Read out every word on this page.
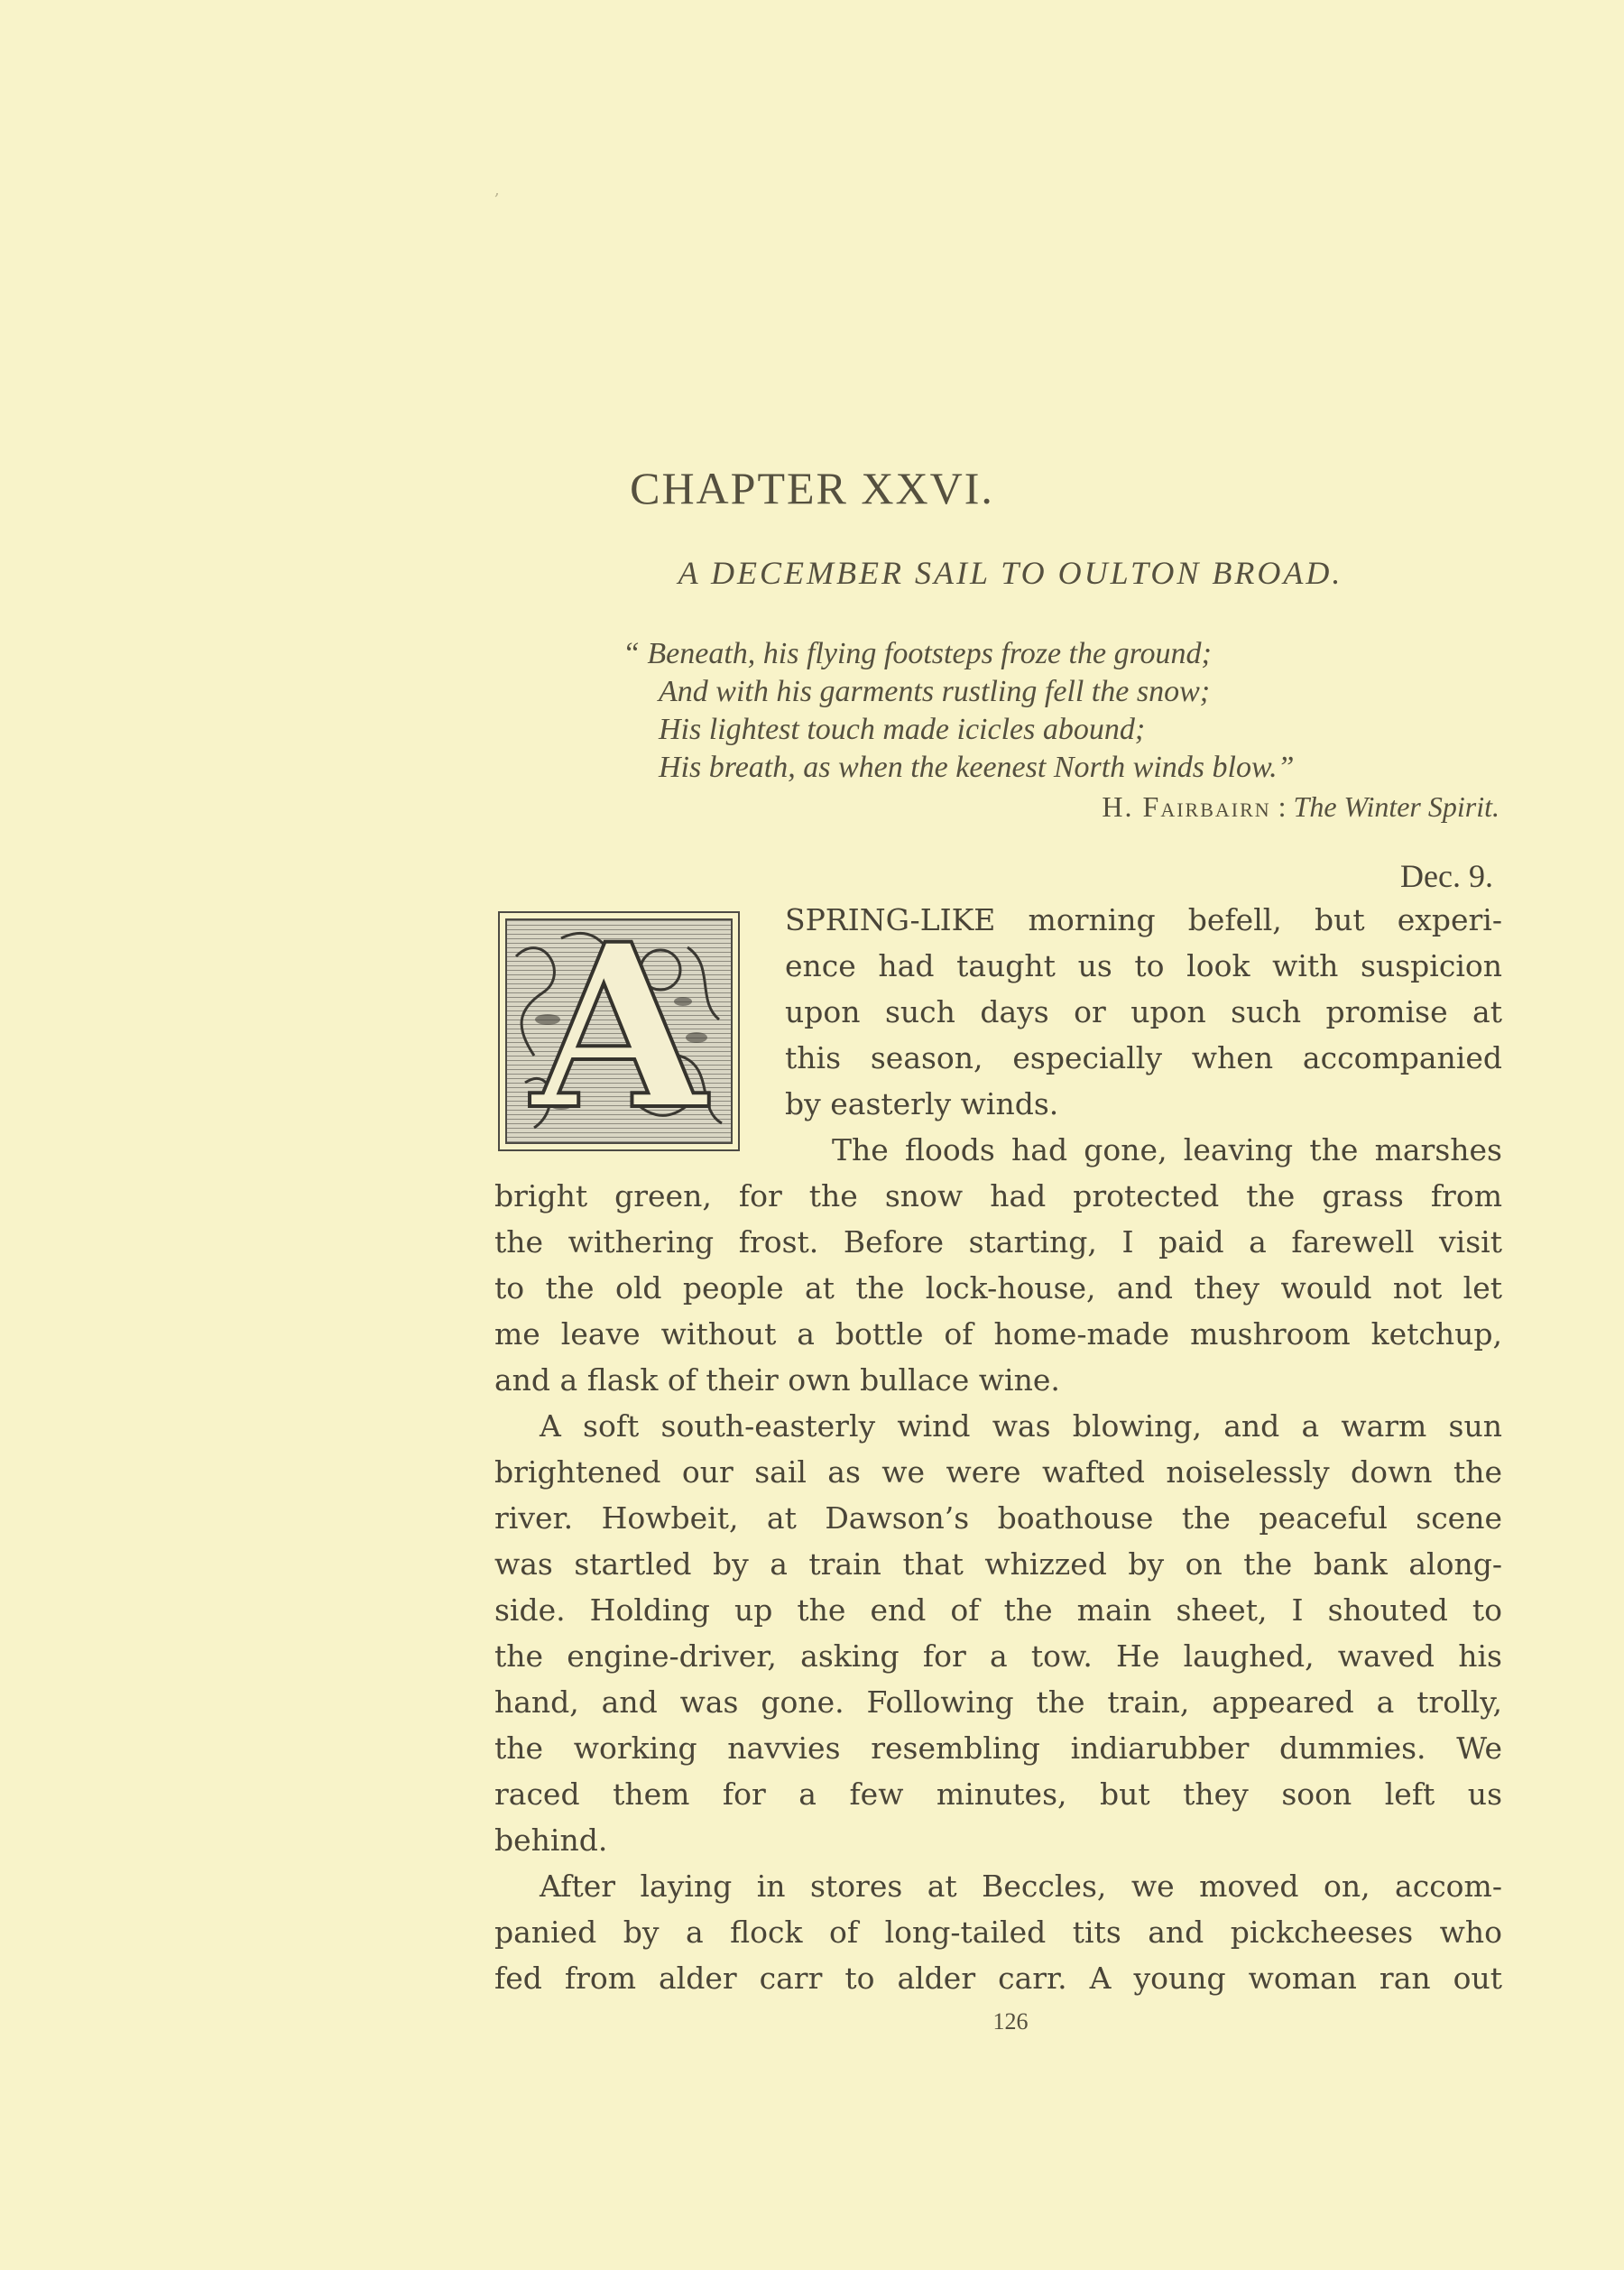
,
CHAPTER XXVI.
A DECEMBER SAIL TO OULTON BROAD.
“ Beneath, his flying footsteps froze the ground;
And with his garments rustling fell the snow;
His lightest touch made icicles abound;
His breath, as when the keenest North winds blow.”
H. Fairbairn : The Winter Spirit.
Dec. 9.
A	SPRING-LIKE morning befell, but experi-
ence had taught us to look with suspicion
upon such days or upon such promise at
this season, especially when accompanied
by easterly winds.
The floods had gone, leaving the marshes
bright green, for the snow had protected the grass from
the withering frost. Before starting, I paid a farewell visit
to the old people at the lock-house, and they would not let
me leave without a bottle of home-made mushroom ketchup,
and a flask of their own bullace wine.
A soft south-easterly wind was blowing, and a warm sun
brightened our sail as we were wafted noiselessly down the
river. Howbeit, at Dawson’s boathouse the peaceful scene
was startled by a train that whizzed by on the bank along-
side. Holding up the end of the main sheet, I shouted to
the engine-driver, asking for a tow. He laughed, waved his
hand, and was gone. Following the train, appeared a trolly,
the working navvies resembling indiarubber dummies. We
raced them for a few minutes, but they soon left us
behind.
After laying in stores at Beccles, we moved on, accom-
panied by a flock of long-tailed tits and pickcheeses who
fed from alder carr to alder carr. A young woman ran out
126
